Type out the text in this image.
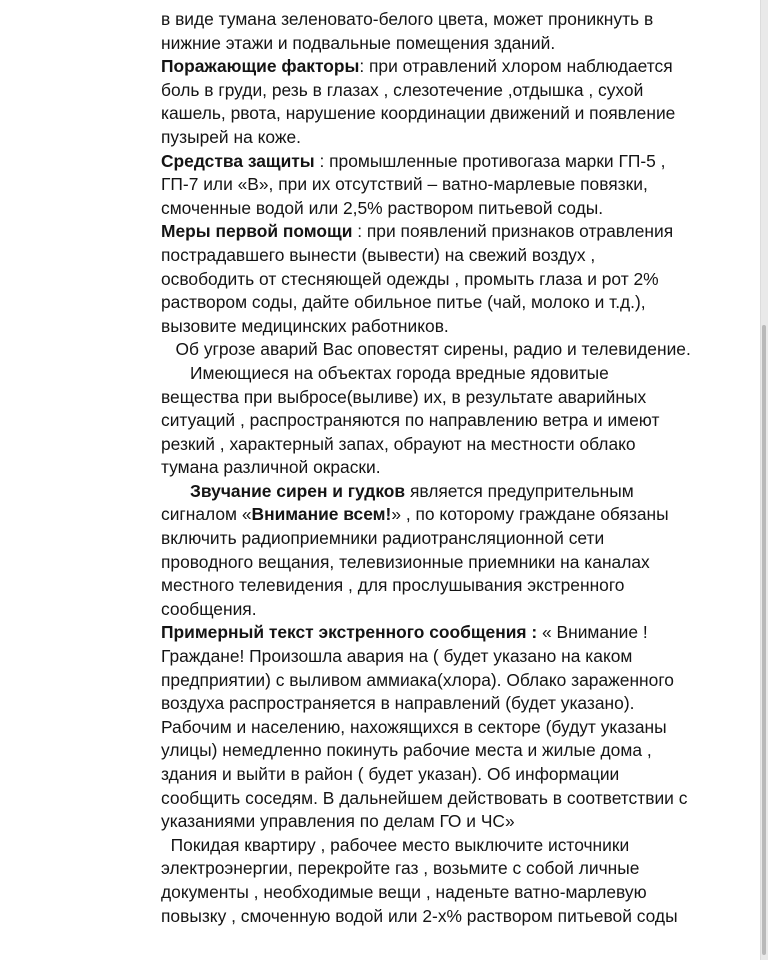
в виде тумана зеленовато-белого цвета, может проникнуть в
нижние этажи и подвальные помещения зданий.
Поражающие факторы: при отравлений хлором наблюдается
боль в груди, резь в глазах , слезотечение ,отдышка , сухой
кашель, рвота, нарушение координации движений и появление
пузырей на коже.
Средства защиты : промышленные противогаза марки ГП-5 ,
ГП-7 или «В», при их отсутствий – ватно-марлевые повязки,
смоченные водой или 2,5% раствором питьевой соды.
Меры первой помощи : при появлений признаков отравления
пострадавшего вынести (вывести) на свежий воздух ,
освободить от стесняющей одежды , промыть глаза и рот 2%
раствором соды, дайте обильное питье (чай, молоко и т.д.),
вызовите медицинских работников.
Об угрозе аварий Вас оповестят сирены, радио и телевидение.
Имеющиеся на объектах города вредные ядовитые
вещества при выбросе(выливе) их, в результате аварийных
ситуаций , распространяются по направлению ветра и имеют
резкий , характерный запах, обрауют на местности облако
тумана различной окраски.
Звучание сирен и гудков является предупрительным
сигналом «Внимание всем!» , по которому граждане обязаны
включить радиоприемники радиотрансляционной сети
проводного вещания, телевизионные приемники на каналах
местного телевидения , для прослушывания экстренного
сообщения.
Примерный текст экстренного сообщения : « Внимание !
Граждане! Произошла авария на ( будет указано на каком
предприятии) с выливом аммиака(хлора). Облако зараженного
воздуха распространяется в направлений (будет указано).
Рабочим и населению, нахожящихся в секторе (будут указаны
улицы) немедленно покинуть рабочие места и жилые дома ,
здания и выйти в район ( будет указан). Об информации
сообщить соседям. В дальнейшем действовать в соответствии с
указаниями управления по делам ГО и ЧС»
Покидая квартиру , рабочее место выключите источники
электроэнергии, перекройте газ , возьмите с собой личные
документы , необходимые вещи , наденьте ватно-марлевую
повызку , смоченную водой или 2-х% раствором питьевой соды
